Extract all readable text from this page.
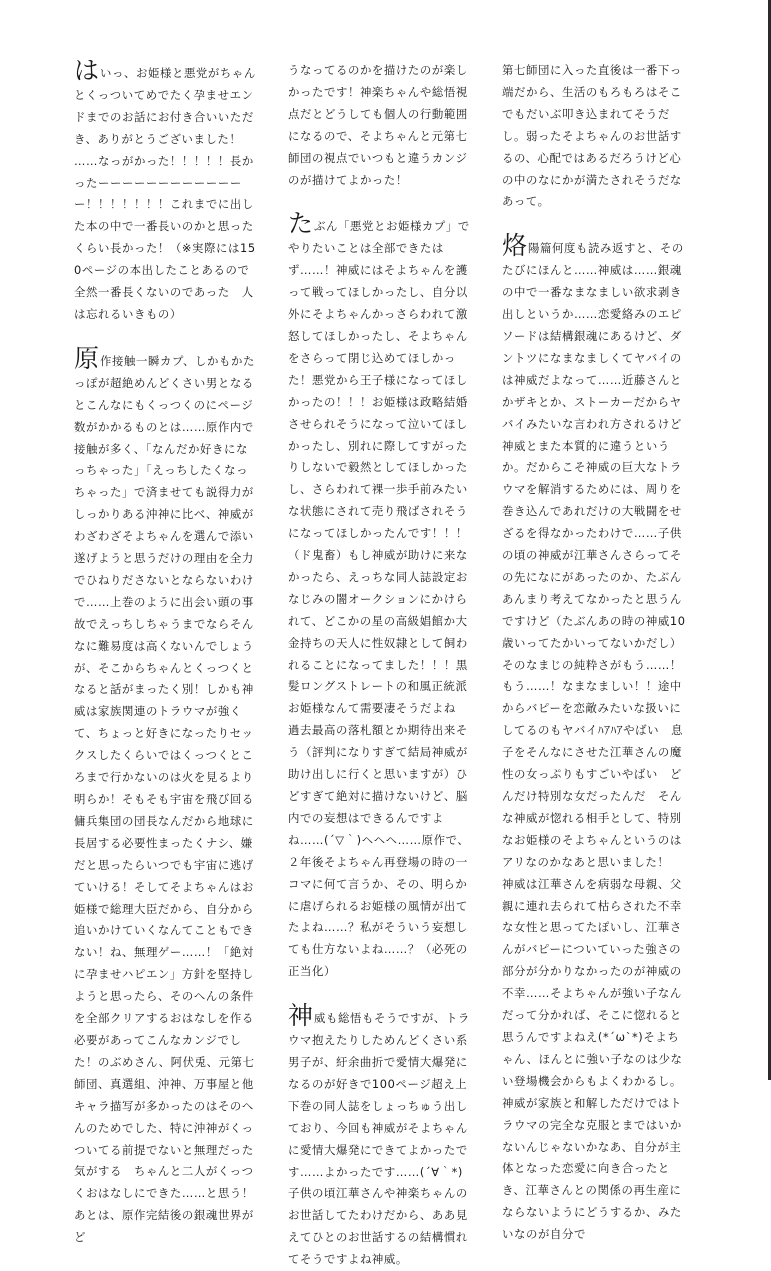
はいっ、お姫様と悪党がちゃんとくっついてめでたく孕ませエンドまでのお話にお付き合いいただき、ありがとうございました！
……なっがかった！！！！！長かったーーーーーーーーーーーーー！！！！！！！これまでに出した本の中で一番長いのかと思ったくらい長かった！（※実際には150ページの本出したことあるので全然一番長くないのであった　人は忘れるいきもの）
原作接触一瞬カプ、しかもかたっぽが超絶めんどくさい男となるとこんなにもくっつくのにページ数がかかるものとは……原作内で接触が多く、「なんだか好きになっちゃった」「えっちしたくなっちゃった」で済ませても説得力がしっかりある沖神に比べ、神威がわざわざそよちゃんを選んで添い遂げようと思うだけの理由を全力でひねりださないとならないわけで……上巻のように出会い頭の事故でえっちしちゃうまでならそんなに難易度は高くないんでしょうが、そこからちゃんとくっつくとなると話がまったく別！しかも神威は家族関連のトラウマが強くて、ちょっと好きになったりセックスしたくらいではくっつくところまで行かないのは火を見るより明らか！そもそも宇宙を飛び回る傭兵集団の団長なんだから地球に長居する必要性まったくナシ、嫌だと思ったらいつでも宇宙に逃げていける！そしてそよちゃんはお姫様で総理大臣だから、自分から追いかけていくなんてこともできない！ね、無理ゲー……！「絶対に孕ませハピエン」方針を堅持しようと思ったら、そのへんの条件を全部クリアするおはなしを作る必要があってこんなカンジでした！のぶめさん、阿伏兎、元第七師団、真選組、沖神、万事屋と他キャラ描写が多かったのはそのへんのためでした、特に沖神がくっついてる前提でないと無理だった気がする　ちゃんと二人がくっつくおはなしにできた……と思う！
あとは、原作完結後の銀魂世界がど
うなってるのかを描けたのが楽しかったです！神楽ちゃんや総悟視点だとどうしても個人の行動範囲になるので、そよちゃんと元第七師団の視点でいつもと違うカンジのが描けてよかった！
たぶん「悪党とお姫様カプ」でやりたいことは全部できたはず……！神威にはそよちゃんを護って戦ってほしかったし、自分以外にそよちゃんかっさらわれて激怒してほしかったし、そよちゃんをさらって閉じ込めてほしかった！悪党から王子様になってほしかったの！！！お姫様は政略結婚させられそうになって泣いてほしかったし、別れに際してすがったりしないで毅然としてほしかったし、さらわれて裸一歩手前みたいな状態にされて売り飛ばされそうになってほしかったんです！！！（ド鬼畜）もし神威が助けに来なかったら、えっちな同人誌設定おなじみの闇オークションにかけられて、どこかの星の高級娼館か大金持ちの天人に性奴隷として飼われることになってました！！！黒髪ロングストレートの和風正統派お姫様なんて需要凄そうだよね　過去最高の落札額とか期待出来そう（評判になりすぎて結局神威が助け出しに行くと思いますが）ひどすぎて絶対に描けないけど、脳内での妄想はできるんですよね……(´▽｀)ヘヘヘ……原作で、２年後そよちゃん再登場の時の一コマに何て言うか、その、明らかに虐げられるお姫様の風情が出てたよね……？私がそういう妄想しても仕方ないよね……？（必死の正当化）
神威も総悟もそうですが、トラウマ抱えたりしためんどくさい系男子が、紆余曲折で愛情大爆発になるのが好きで100ページ超え上下巻の同人誌をしょっちゅう出しており、今回も神威がそよちゃんに愛情大爆発にできてよかったです……よかったです……(´∀｀*)子供の頃江華さんや神楽ちゃんのお世話してたわけだから、ああ見えてひとのお世話するの結構慣れてそうですよね神威。
第七師団に入った直後は一番下っ端だから、生活のもろもろはそこでもだいぶ叩き込まれてそうだし。弱ったそよちゃんのお世話するの、心配ではあるだろうけど心の中のなにかが満たされそうだなあって。
烙陽篇何度も読み返すと、そのたびにほんと……神威は……銀魂の中で一番なまなましい欲求剥き出しというか……恋愛絡みのエピソードは結構銀魂にあるけど、ダントツになまなましくてヤバイのは神威だよなって……近藤さんとかザキとか、ストーカーだからヤバイみたいな言われ方されるけど神威とまた本質的に違うというか。だからこそ神威の巨大なトラウマを解消するためには、周りを巻き込んであれだけの大戦闘をせざるを得なかったわけで……子供の頃の神威が江華さんさらってその先になにがあったのか、たぶんあんまり考えてなかったと思うんですけど（たぶんあの時の神威10歳いってたかいってないかだし）そのなまじの純粋さがもう……！もう……！なまなましい！！途中からバピーを恋敵みたいな扱いにしてるのもヤバイﾊｱﾊｱやばい　息子をそんなにさせた江華さんの魔性の女っぷりもすごいやばい　どんだけ特別な女だったんだ　そんな神威が惚れる相手として、特別なお姫様のそよちゃんというのはアリなのかなあと思いました！
神威は江華さんを病弱な母親、父親に連れ去られて枯らされた不幸な女性と思ってたぽいし、江華さんがバピーについていった強さの部分が分かりなかったのが神威の不幸……そよちゃんが強い子なんだって分かれば、そこに惚れると思うんですよねえ(*´ω`*)そよちゃん、ほんとに強い子なのは少ない登場機会からもよくわかるし。
神威が家族と和解しただけではトラウマの完全な克服とまではいかないんじゃないかなあ、自分が主体となった恋愛に向き合ったとき、江華さんとの関係の再生産にならないようにどうするか、みたいなのが自分で
